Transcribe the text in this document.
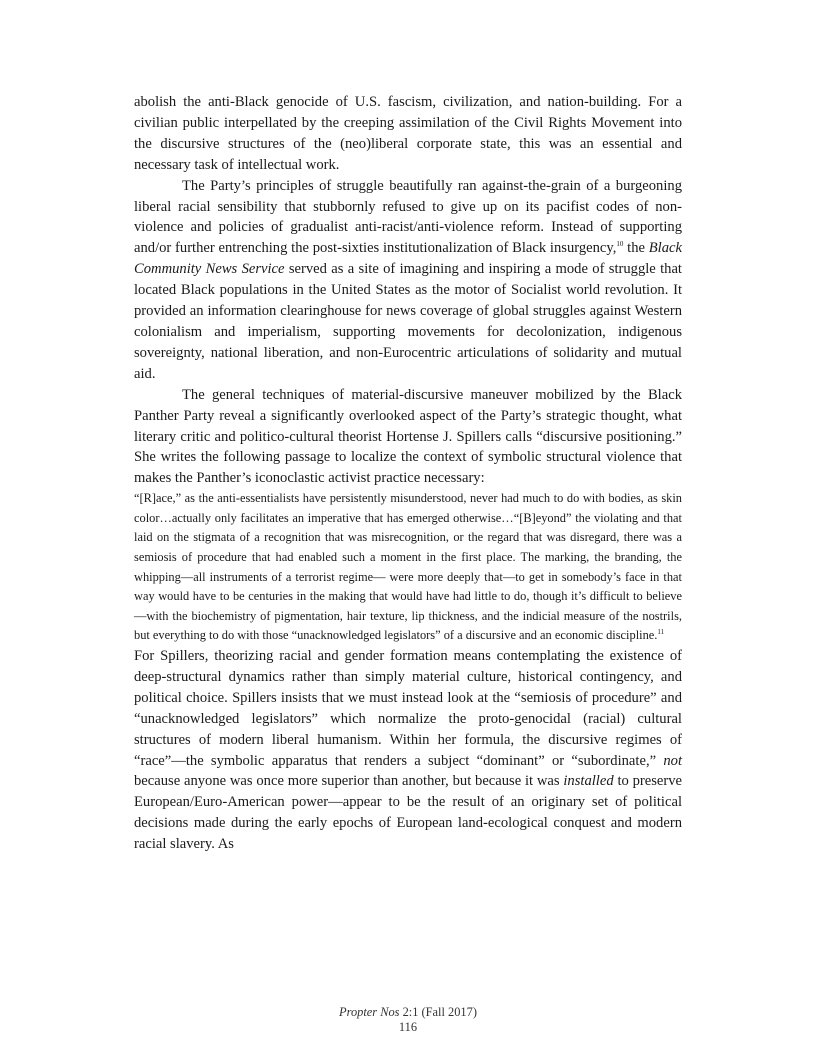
abolish the anti-Black genocide of U.S. fascism, civilization, and nation-building. For a civilian public interpellated by the creeping assimilation of the Civil Rights Movement into the discursive structures of the (neo)liberal corporate state, this was an essential and necessary task of intellectual work.

The Party’s principles of struggle beautifully ran against-the-grain of a burgeoning liberal racial sensibility that stubbornly refused to give up on its pacifist codes of non-violence and policies of gradualist anti-racist/anti-violence reform. Instead of supporting and/or further entrenching the post-sixties institutionalization of Black insurgency,$^{10}$ the Black Community News Service served as a site of imagining and inspiring a mode of struggle that located Black populations in the United States as the motor of Socialist world revolution. It provided an information clearinghouse for news coverage of global struggles against Western colonialism and imperialism, supporting movements for decolonization, indigenous sovereignty, national liberation, and non-Eurocentric articulations of solidarity and mutual aid.

The general techniques of material-discursive maneuver mobilized by the Black Panther Party reveal a significantly overlooked aspect of the Party’s strategic thought, what literary critic and politico-cultural theorist Hortense J. Spillers calls “discursive positioning.” She writes the following passage to localize the context of symbolic structural violence that makes the Panther’s iconoclastic activist practice necessary:

“[R]ace,” as the anti-essentialists have persistently misunderstood, never had much to do with bodies, as skin color…actually only facilitates an imperative that has emerged otherwise…“[B]eyond” the violating and that laid on the stigmata of a recognition that was misrecognition, or the regard that was disregard, there was a semiosis of procedure that had enabled such a moment in the first place. The marking, the branding, the whipping—all instruments of a terrorist regime— were more deeply that—to get in somebody’s face in that way would have to be centuries in the making that would have had little to do, though it’s difficult to believe—with the biochemistry of pigmentation, hair texture, lip thickness, and the indicial measure of the nostrils, but everything to do with those “unacknowledged legislators” of a discursive and an economic discipline.$^{11}$

For Spillers, theorizing racial and gender formation means contemplating the existence of deep-structural dynamics rather than simply material culture, historical contingency, and political choice. Spillers insists that we must instead look at the “semiosis of procedure” and “unacknowledged legislators” which normalize the proto-genocidal (racial) cultural structures of modern liberal humanism. Within her formula, the discursive regimes of “race”—the symbolic apparatus that renders a subject “dominant” or “subordinate,” not because anyone was once more superior than another, but because it was installed to preserve European/Euro-American power—appear to be the result of an originary set of political decisions made during the early epochs of European land-ecological conquest and modern racial slavery. As

Propter Nos 2:1 (Fall 2017)
116
